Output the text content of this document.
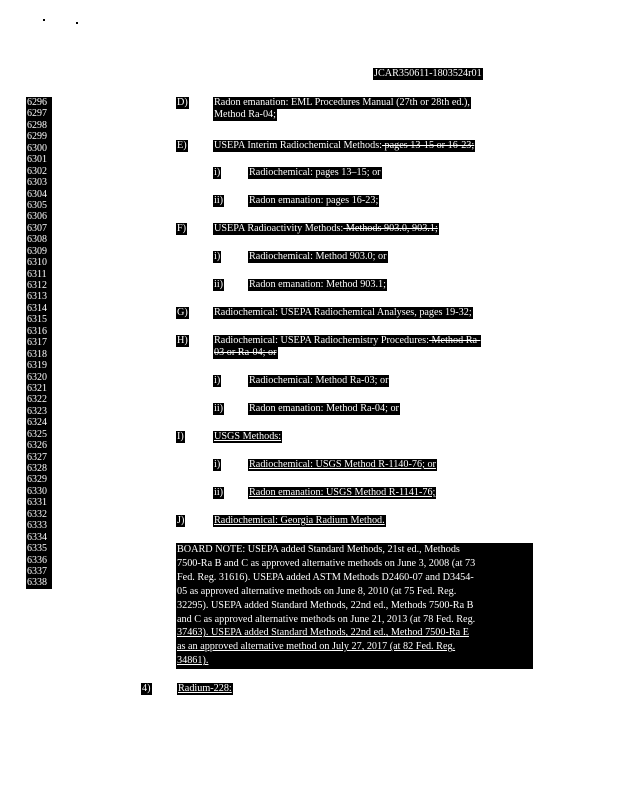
JCAR350611-1803524r01
6296
6297
6298
6299
6300
6301
6302
6303
6304
6305
6306
6307
6308
6309
6310
6311
6312
6313
6314
6315
6316
6317
6318
6319
6320
6321
6322
6323
6324
6325
6326
6327
6328
6329
6330
6331
6332
6333
6334
6335
6336
6337
6338
D)	Radon emanation: EML Procedures Manual (27th or 28th ed.),
Method Ra-04;
E)	USEPA Interim Radiochemical Methods: pages 13-15 or 16-23;
i)	Radiochemical: pages 13–15; or
ii)	Radon emanation: pages 16-23;
F)	USEPA Radioactivity Methods: Methods 903.0, 903.1;
i)	Radiochemical: Method 903.0; or
ii)	Radon emanation: Method 903.1;
G)	Radiochemical: USEPA Radiochemical Analyses, pages 19-32;
H)	Radiochemical: USEPA Radiochemistry Procedures: Method Ra-
03 or Ra-04; or
i)	Radiochemical: Method Ra-03; or
ii)	Radon emanation: Method Ra-04; or
I)	USGS Methods:
i)	Radiochemical: USGS Method R-1140-76; or
ii)	Radon emanation: USGS Method R-1141-76;
J)	Radiochemical: Georgia Radium Method.
BOARD NOTE: USEPA added Standard Methods, 21st ed., Methods
7500-Ra B and C as approved alternative methods on June 3, 2008 (at 73
Fed. Reg. 31616). USEPA added ASTM Methods D2460-07 and D3454-
05 as approved alternative methods on June 8, 2010 (at 75 Fed. Reg.
32295). USEPA added Standard Methods, 22nd ed., Methods 7500-Ra B
and C as approved alternative methods on June 21, 2013 (at 78 Fed. Reg.
37463). USEPA added Standard Methods, 22nd ed., Method 7500-Ra E
as an approved alternative method on July 27, 2017 (at 82 Fed. Reg.
34861).
4)	Radium-228:
